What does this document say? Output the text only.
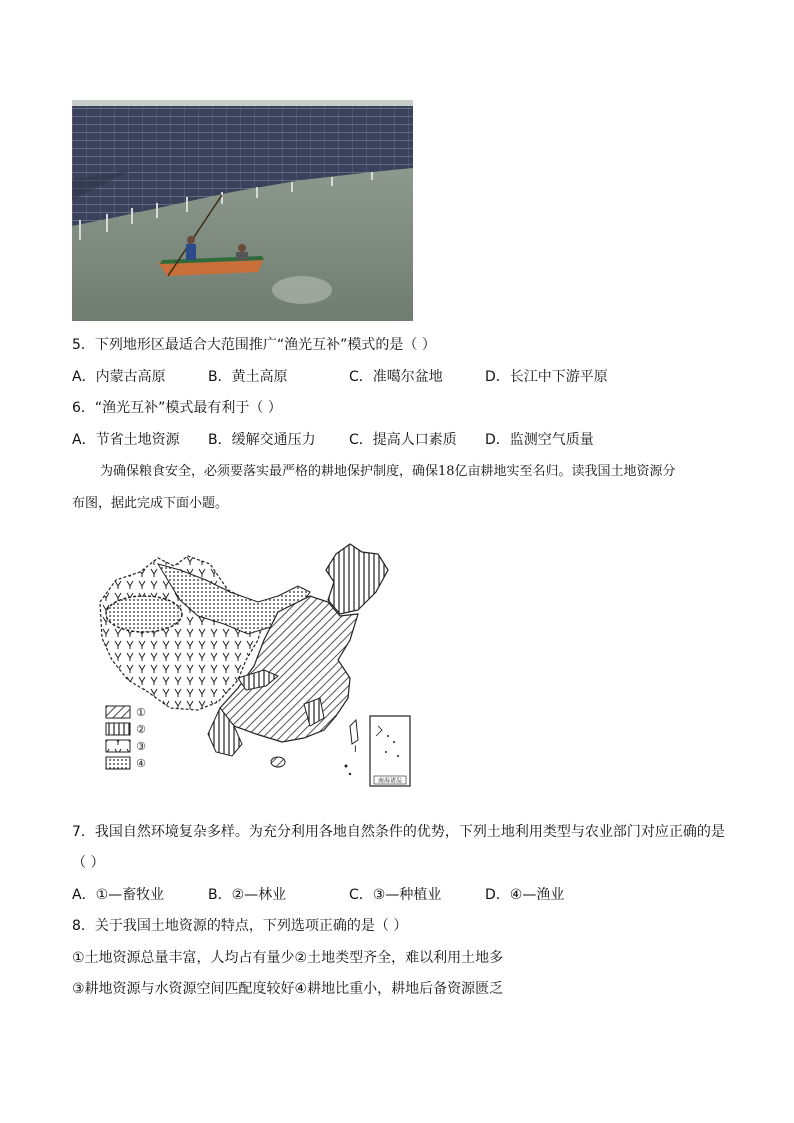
5．下列地形区最适合大范围推广“渔光互补”模式的是（ ）
A．内蒙古高原	B．黄土高原	C．准噶尔盆地	D．长江中下游平原
6．“渔光互补”模式最有利于（ ）
A．节省土地资源 B．缓解交通压力 C．提高人口素质 D．监测空气质量
为确保粮食安全，必须要落实最严格的耕地保护制度，确保18亿亩耕地实至名归。读我国土地资源分
布图，据此完成下面小题。
南海诸岛
I
①
②
③
④
7．我国自然环境复杂多样。为充分利用各地自然条件的优势，下列土地利用类型与农业部门对应正确的是
（ ）
A．①—畜牧业	B．②—林业	C．③—种植业	D．④—渔业
8．关于我国土地资源的特点，下列选项正确的是（ ）
①土地资源总量丰富，人均占有量少②土地类型齐全，难以利用土地多
③耕地资源与水资源空间匹配度较好④耕地比重小，耕地后备资源匮乏
